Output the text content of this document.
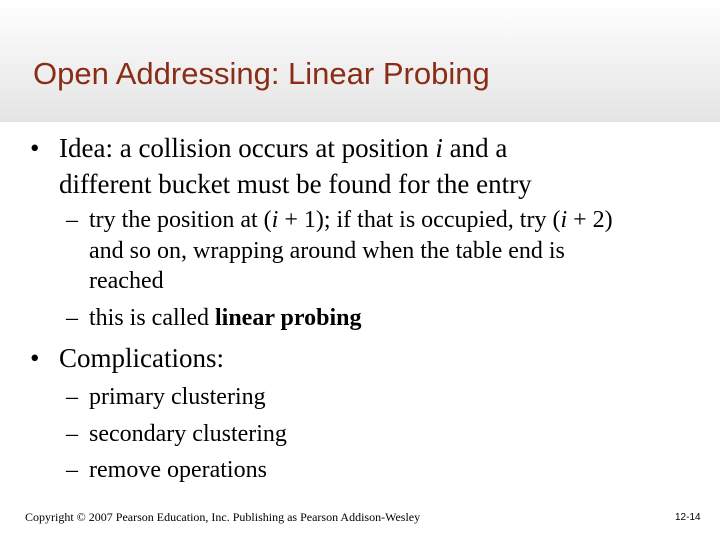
Open Addressing: Linear Probing
• Idea: a collision occurs at position i and a
different bucket must be found for the entry
– try the position at (i + 1); if that is occupied, try (i + 2)
and so on, wrapping around when the table end is
reached
– this is called linear probing
• Complications:
– primary clustering
– secondary clustering
– remove operations
Copyright © 2007 Pearson Education, Inc. Publishing as Pearson Addison-Wesley	12-14
